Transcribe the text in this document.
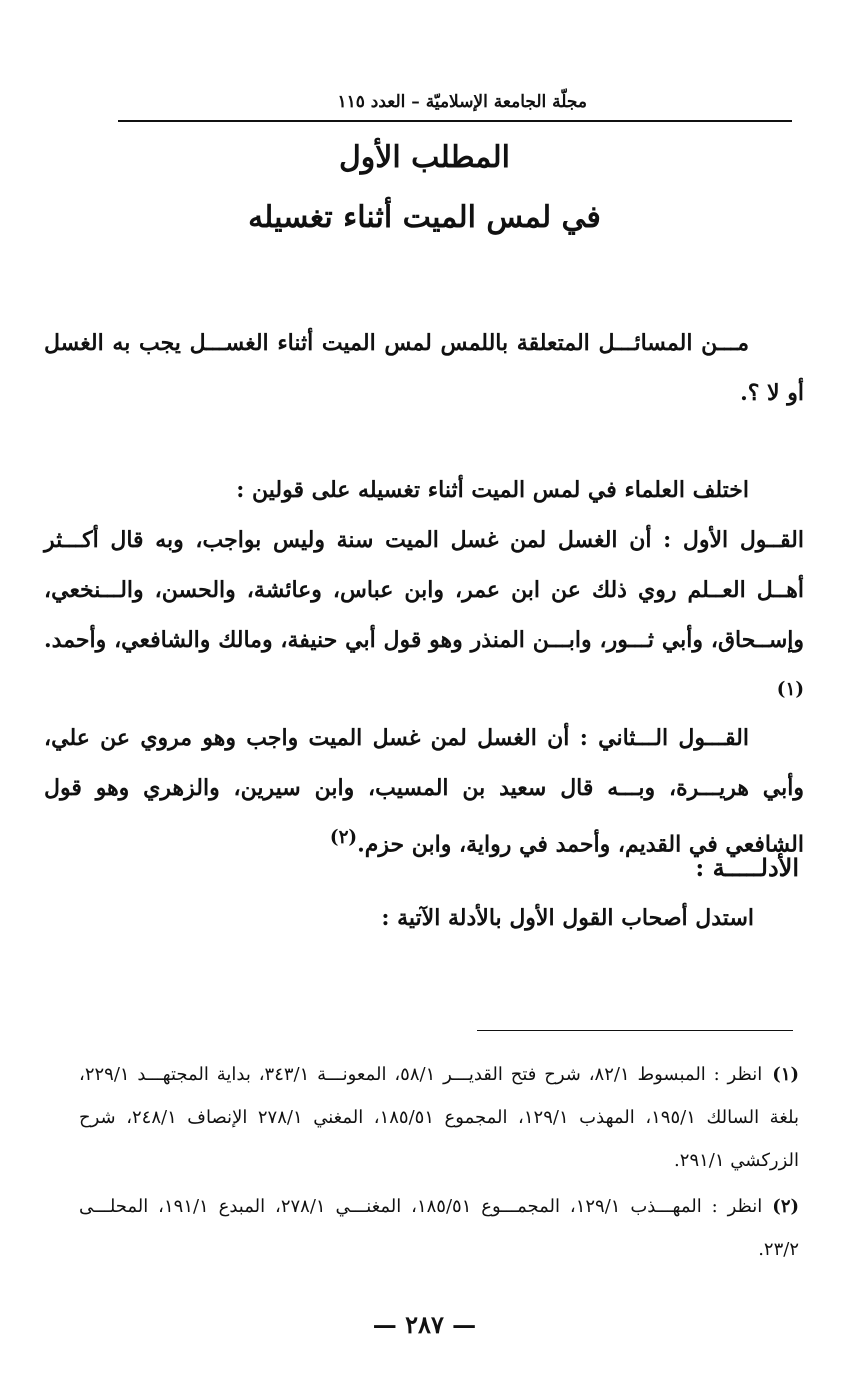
مجلّة الجامعة الإسلاميّة – العدد ١١٥
المطلب الأول
في لمس الميت أثناء تغسيله
مـــن المسائـــل المتعلقة باللمس لمس الميت أثناء الغســـل يجب به الغسل أو لا ؟.
اختلف العلماء في لمس الميت أثناء تغسيله على قولين :
القــول الأول : أن الغسل لمن غسل الميت سنة وليس بواجب، وبه قال أكـــثر أهــل العــلم روي ذلك عن ابن عمر، وابن عباس، وعائشة، والحسن، والـــنخعي، وإســحاق، وأبي ثـــور، وابـــن المنذر وهو قول أبي حنيفة، ومالك والشافعي، وأحمد.$^{(١)}$
القـــول الـــثاني : أن الغسل لمن غسل الميت واجب وهو مروي عن علي، وأبي هريـــرة، وبـــه قال سعيد بن المسيب، وابن سيرين، والزهري وهو قول الشافعي في القديم، وأحمد في رواية، وابن حزم.$^{(٢)}$
الأدلـــــة :
استدل أصحاب القول الأول بالأدلة الآتية :
(١)انظر : المبسوط ٨٢/١، شرح فتح القديـــر ٥٨/١، المعونـــة ٣٤٣/١، بداية المجتهـــد ٢٢٩/١، بلغة السالك ١٩٥/١، المهذب ١٢٩/١، المجموع ١٨٥/٥١، المغني ٢٧٨/١ الإنصاف ٢٤٨/١، شرح الزركشي ٢٩١/١.
(٢)انظر : المهـــذب ١٢٩/١، المجمـــوع ١٨٥/٥١، المغنـــي ٢٧٨/١، المبدع ١٩١/١، المحلـــى ٢٣/٢.
— ٢٨٧ —
